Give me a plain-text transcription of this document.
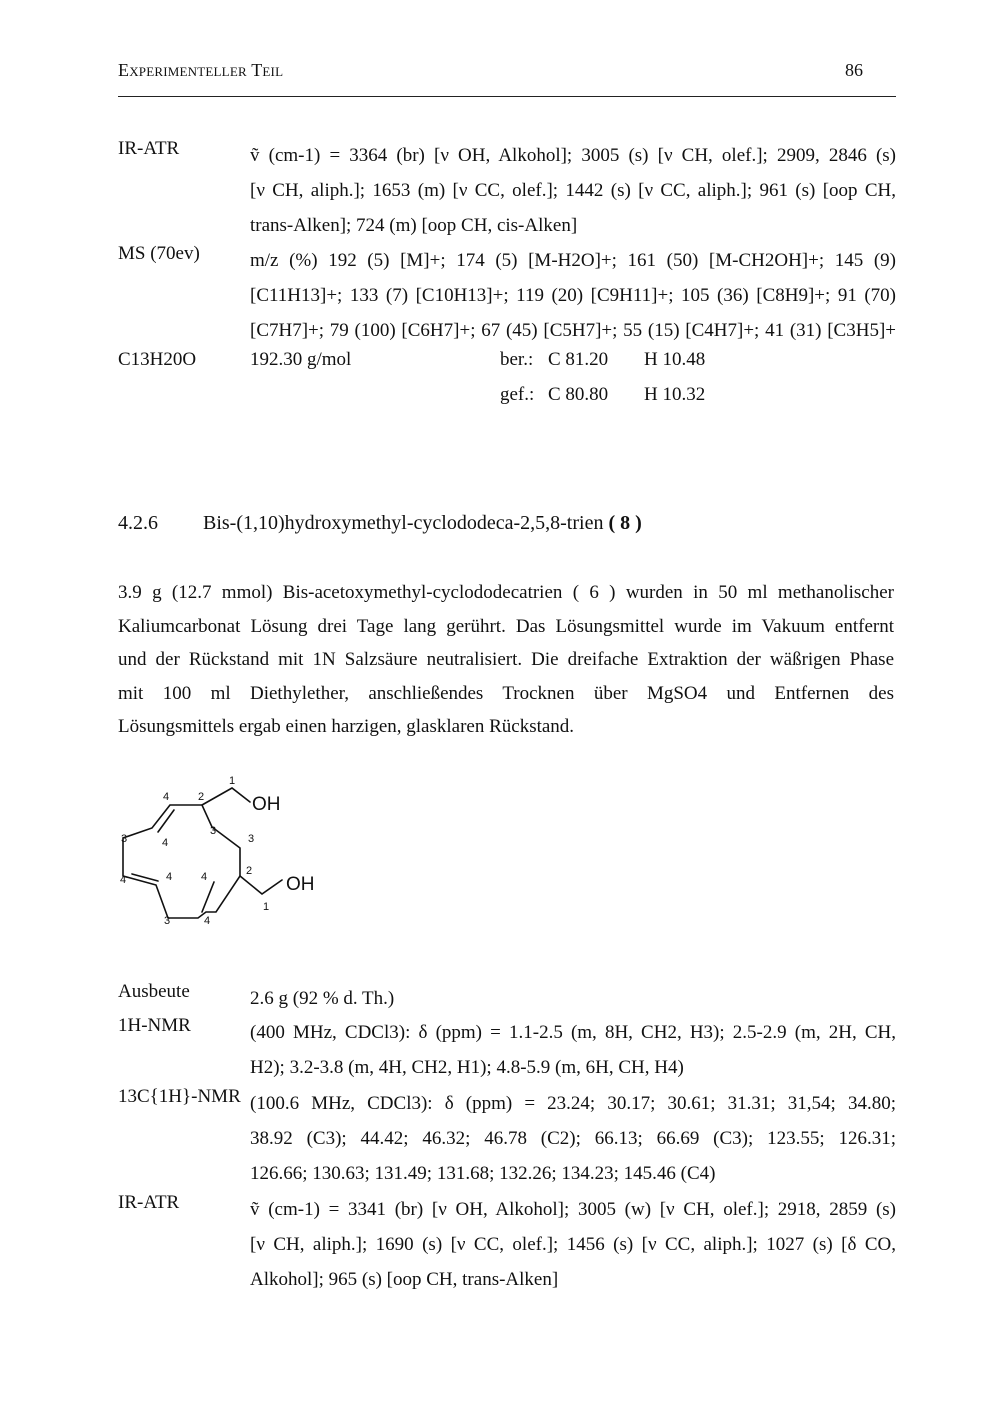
EXPERIMENTELLER TEIL	86
IR-ATR	ṽ (cm-1) = 3364 (br) [ν OH, Alkohol]; 3005 (s) [ν CH, olef.]; 2909, 2846 (s)
[ν CH, aliph.]; 1653 (m) [ν CC, olef.]; 1442 (s) [ν CC, aliph.]; 961 (s) [oop CH,
trans-Alken]; 724 (m) [oop CH, cis-Alken]
MS (70ev)	m/z (%) 192 (5) [M]+; 174 (5) [M-H2O]+; 161 (50) [M-CH2OH]+; 145 (9)
[C11H13]+; 133 (7) [C10H13]+; 119 (20) [C9H11]+; 105 (36) [C8H9]+; 91 (70)
[C7H7]+; 79 (100) [C6H7]+; 67 (45) [C5H7]+; 55 (15) [C4H7]+; 41 (31) [C3H5]+
C13H20O	192.30 g/mol	ber.: C 81.20 H 10.48
gef.: C 80.80 H 10.32
4.2.6 Bis-(1,10)hydroxymethyl-cyclododeca-2,5,8-trien ( 8 )
3.9 g (12.7 mmol) Bis-acetoxymethyl-cyclododecatrien ( 6 ) wurden in 50 ml methanolischer
Kaliumcarbonat Lösung drei Tage lang gerührt. Das Lösungsmittel wurde im Vakuum entfernt
und der Rückstand mit 1N Salzsäure neutralisiert. Die dreifache Extraktion der wäßrigen Phase
mit 100 ml Diethylether, anschließendes Trocknen über MgSO4 und Entfernen des
Lösungsmittels ergab einen harzigen, glasklaren Rückstand.
1
2
4
3
3
3	4
4	4	4	2
1
3	4
OH
OH
Ausbeute	2.6 g (92 % d. Th.)
1H-NMR	(400 MHz, CDCl3): δ (ppm) = 1.1-2.5 (m, 8H, CH2, H3); 2.5-2.9 (m, 2H, CH,
H2); 3.2-3.8 (m, 4H, CH2, H1); 4.8-5.9 (m, 6H, CH, H4)
13C{1H}-NMR (100.6 MHz, CDCl3): δ (ppm) = 23.24; 30.17; 30.61; 31.31; 31,54; 34.80;
38.92 (C3); 44.42; 46.32; 46.78 (C2); 66.13; 66.69 (C3); 123.55; 126.31;
126.66; 130.63; 131.49; 131.68; 132.26; 134.23; 145.46 (C4)
IR-ATR	ṽ (cm-1) = 3341 (br) [ν OH, Alkohol]; 3005 (w) [ν CH, olef.]; 2918, 2859 (s)
[ν CH, aliph.]; 1690 (s) [ν CC, olef.]; 1456 (s) [ν CC, aliph.]; 1027 (s) [δ CO,
Alkohol]; 965 (s) [oop CH, trans-Alken]
